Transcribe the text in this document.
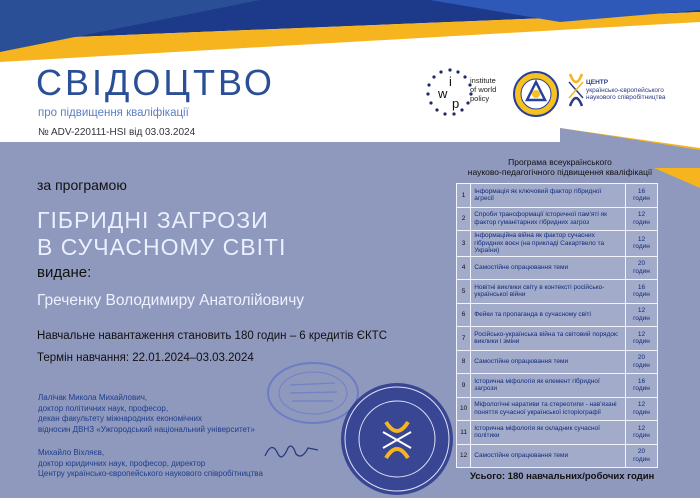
СВІДОЦТВО
про підвищення кваліфікації
№ ADV-220111-HSI від 03.03.2024
w
i
p
institute
of world
policy
ЦЕНТР
українсько-європейського
наукового співробітництва
за програмою
ГІБРИДНІ ЗАГРОЗИ
В СУЧАСНОМУ СВІТІ
видане:
Греченку Володимиру Анатолійовичу
Навчальне навантаження становить 180 годин – 6 кредитів ЄКТС
Термін навчання: 22.01.2024–03.03.2024
Лалічак Микола Михайлович,
доктор політичних наук, професор,
декан факультету міжнародних економічних
відносин ДВНЗ «Ужгородський національний університет»
Михайло Віхляєв,
доктор юридичних наук, професор, директор
Центру українсько-європейського наукового співробітництва
Програма всеукраїнського
науково-педагогічного підвищення кваліфікації
1	Інформація як ключовий фактор гібридної агресії	16
годин

2	Спроби трансформації історичної пам'яті як фактор гуманітарних гібридних загроз	12
годин

3	Інформаційна війна як фактор сучасних гібридних воєн (на прикладі Сакартвело та України)	12
годин

4	Самостійне опрацювання теми	20
годин

5	Новітні виклики світу в контексті російсько-української війни	16
годин

6	Фейки та пропаганда в сучасному світі	12
годин

7	Російсько-українська війна та світовий порядок: виклики і зміни	12
годин

8	Самостійне опрацювання теми	20
годин

9	Історична міфологія як елемент гібридної загрози	16
годин

10	Міфологічні наративи та стереотипи - нав'язані поняття сучасної української історіографії	12
годин

11	Історична міфологія як складник сучасної політики	12
годин

12	Самостійне опрацювання теми	20
годин
Усього: 180 навчальних/робочих годин
